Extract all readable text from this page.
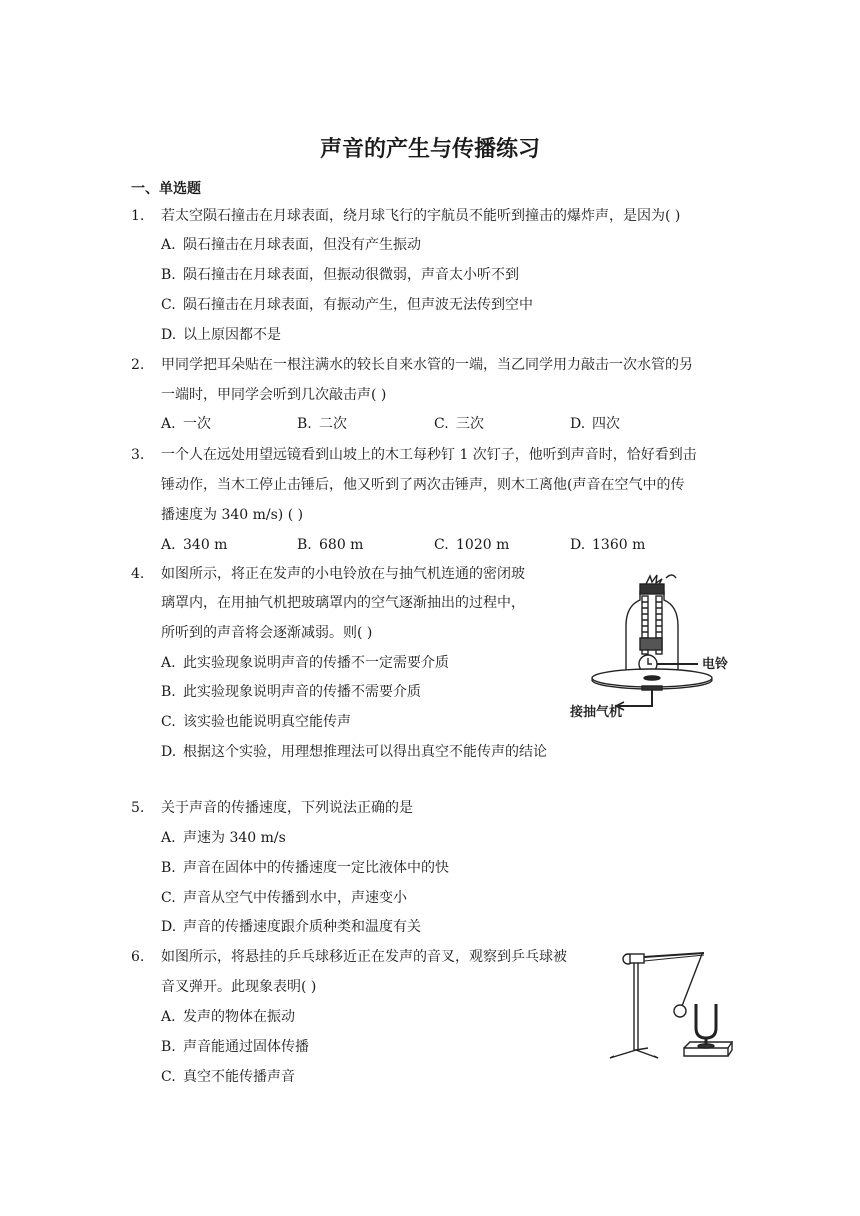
声音的产生与传播练习
一、单选题
1. 若太空陨石撞击在月球表面，绕月球飞行的宇航员不能听到撞击的爆炸声，是因为( )
A. 陨石撞击在月球表面，但没有产生振动
B. 陨石撞击在月球表面，但振动很微弱，声音太小听不到
C. 陨石撞击在月球表面，有振动产生，但声波无法传到空中
D. 以上原因都不是
2. 甲同学把耳朵贴在一根注满水的较长自来水管的一端，当乙同学用力敲击一次水管的另
一端时，甲同学会听到几次敲击声( )
A. 一次	B. 二次	C. 三次	D. 四次
3. 一个人在远处用望远镜看到山坡上的木工每秒钉 1 次钉子，他听到声音时，恰好看到击
锤动作，当木工停止击锤后，他又听到了两次击锤声，则木工离他(声音在空气中的传
播速度为 340 m/s) ( )
A. 340 m	B. 680 m	C. 1020 m	D. 1360 m
4. 如图所示，将正在发声的小电铃放在与抽气机连通的密闭玻
璃罩内，在用抽气机把玻璃罩内的空气逐渐抽出的过程中，
所听到的声音将会逐渐减弱。则( )
A. 此实验现象说明声音的传播不一定需要介质
B. 此实验现象说明声音的传播不需要介质
C. 该实验也能说明真空能传声
D. 根据这个实验，用理想推理法可以得出真空不能传声的结论
电铃
接抽气机
5. 关于声音的传播速度，下列说法正确的是
A. 声速为 340 m/s
B. 声音在固体中的传播速度一定比液体中的快
C. 声音从空气中传播到水中，声速变小
D. 声音的传播速度跟介质种类和温度有关
6. 如图所示，将悬挂的乒乓球移近正在发声的音叉，观察到乒乓球被
音叉弹开。此现象表明( )
A. 发声的物体在振动
B. 声音能通过固体传播
C. 真空不能传播声音
